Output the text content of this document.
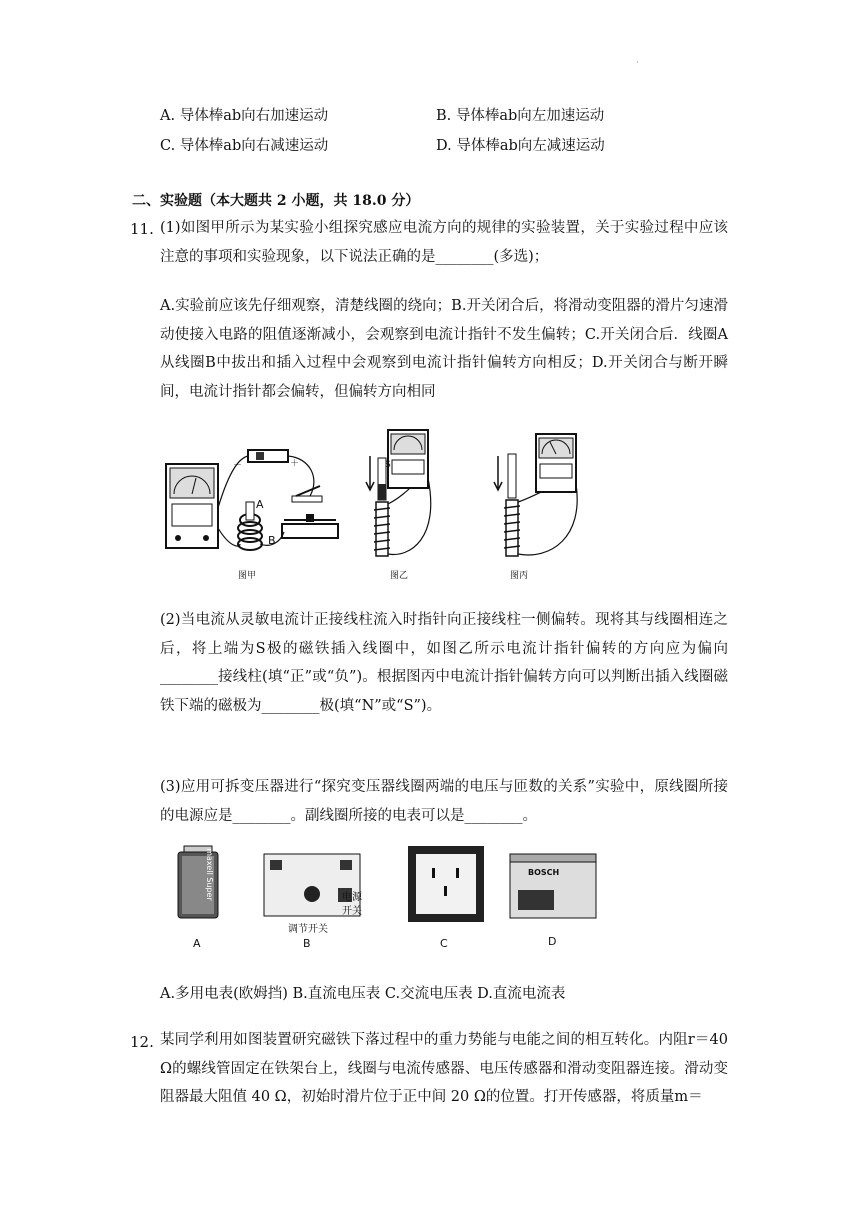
·
A. 导体棒ab向右加速运动	B. 导体棒ab向左加速运动
C. 导体棒ab向右减速运动	D. 导体棒ab向左减速运动
二、实验题（本大题共 2 小题，共 18.0 分）
11. (1)如图甲所示为某实验小组探究感应电流方向的规律的实验装置，关于实验过程中应该注意的事项和实验现象，以下说法正确的是________(多选)；
A.实验前应该先仔细观察，清楚线圈的绕向；B.开关闭合后，将滑动变阻器的滑片匀速滑动使接入电路的阻值逐渐减小，会观察到电流计指针不发生偏转；C.开关闭合后．线圈A从线圈B中拔出和插入过程中会观察到电流计指针偏转方向相反；D.开关闭合与断开瞬间，电流计指针都会偏转，但偏转方向相同
A
B
S
－	＋
图甲	图乙	图丙
(2)当电流从灵敏电流计正接线柱流入时指针向正接线柱一侧偏转。现将其与线圈相连之后，将上端为S极的磁铁插入线圈中，如图乙所示电流计指针偏转的方向应为偏向________接线柱(填“正”或“负”)。根据图丙中电流计指针偏转方向可以判断出插入线圈磁铁下端的磁极为________极(填“N”或“S”)。
(3)应用可拆变压器进行“探究变压器线圈两端的电压与匝数的关系”实验中，原线圈所接的电源应是________。副线圈所接的电表可以是________。
maxell Super	电源
开关
调节开关
BOSCH
A	B	C	D
A.多用电表(欧姆挡) B.直流电压表 C.交流电压表 D.直流电流表
12. 某同学利用如图装置研究磁铁下落过程中的重力势能与电能之间的相互转化。内阻r＝40 Ω的螺线管固定在铁架台上，线圈与电流传感器、电压传感器和滑动变阻器连接。滑动变阻器最大阻值 40 Ω，初始时滑片位于正中间 20 Ω的位置。打开传感器，将质量m＝
